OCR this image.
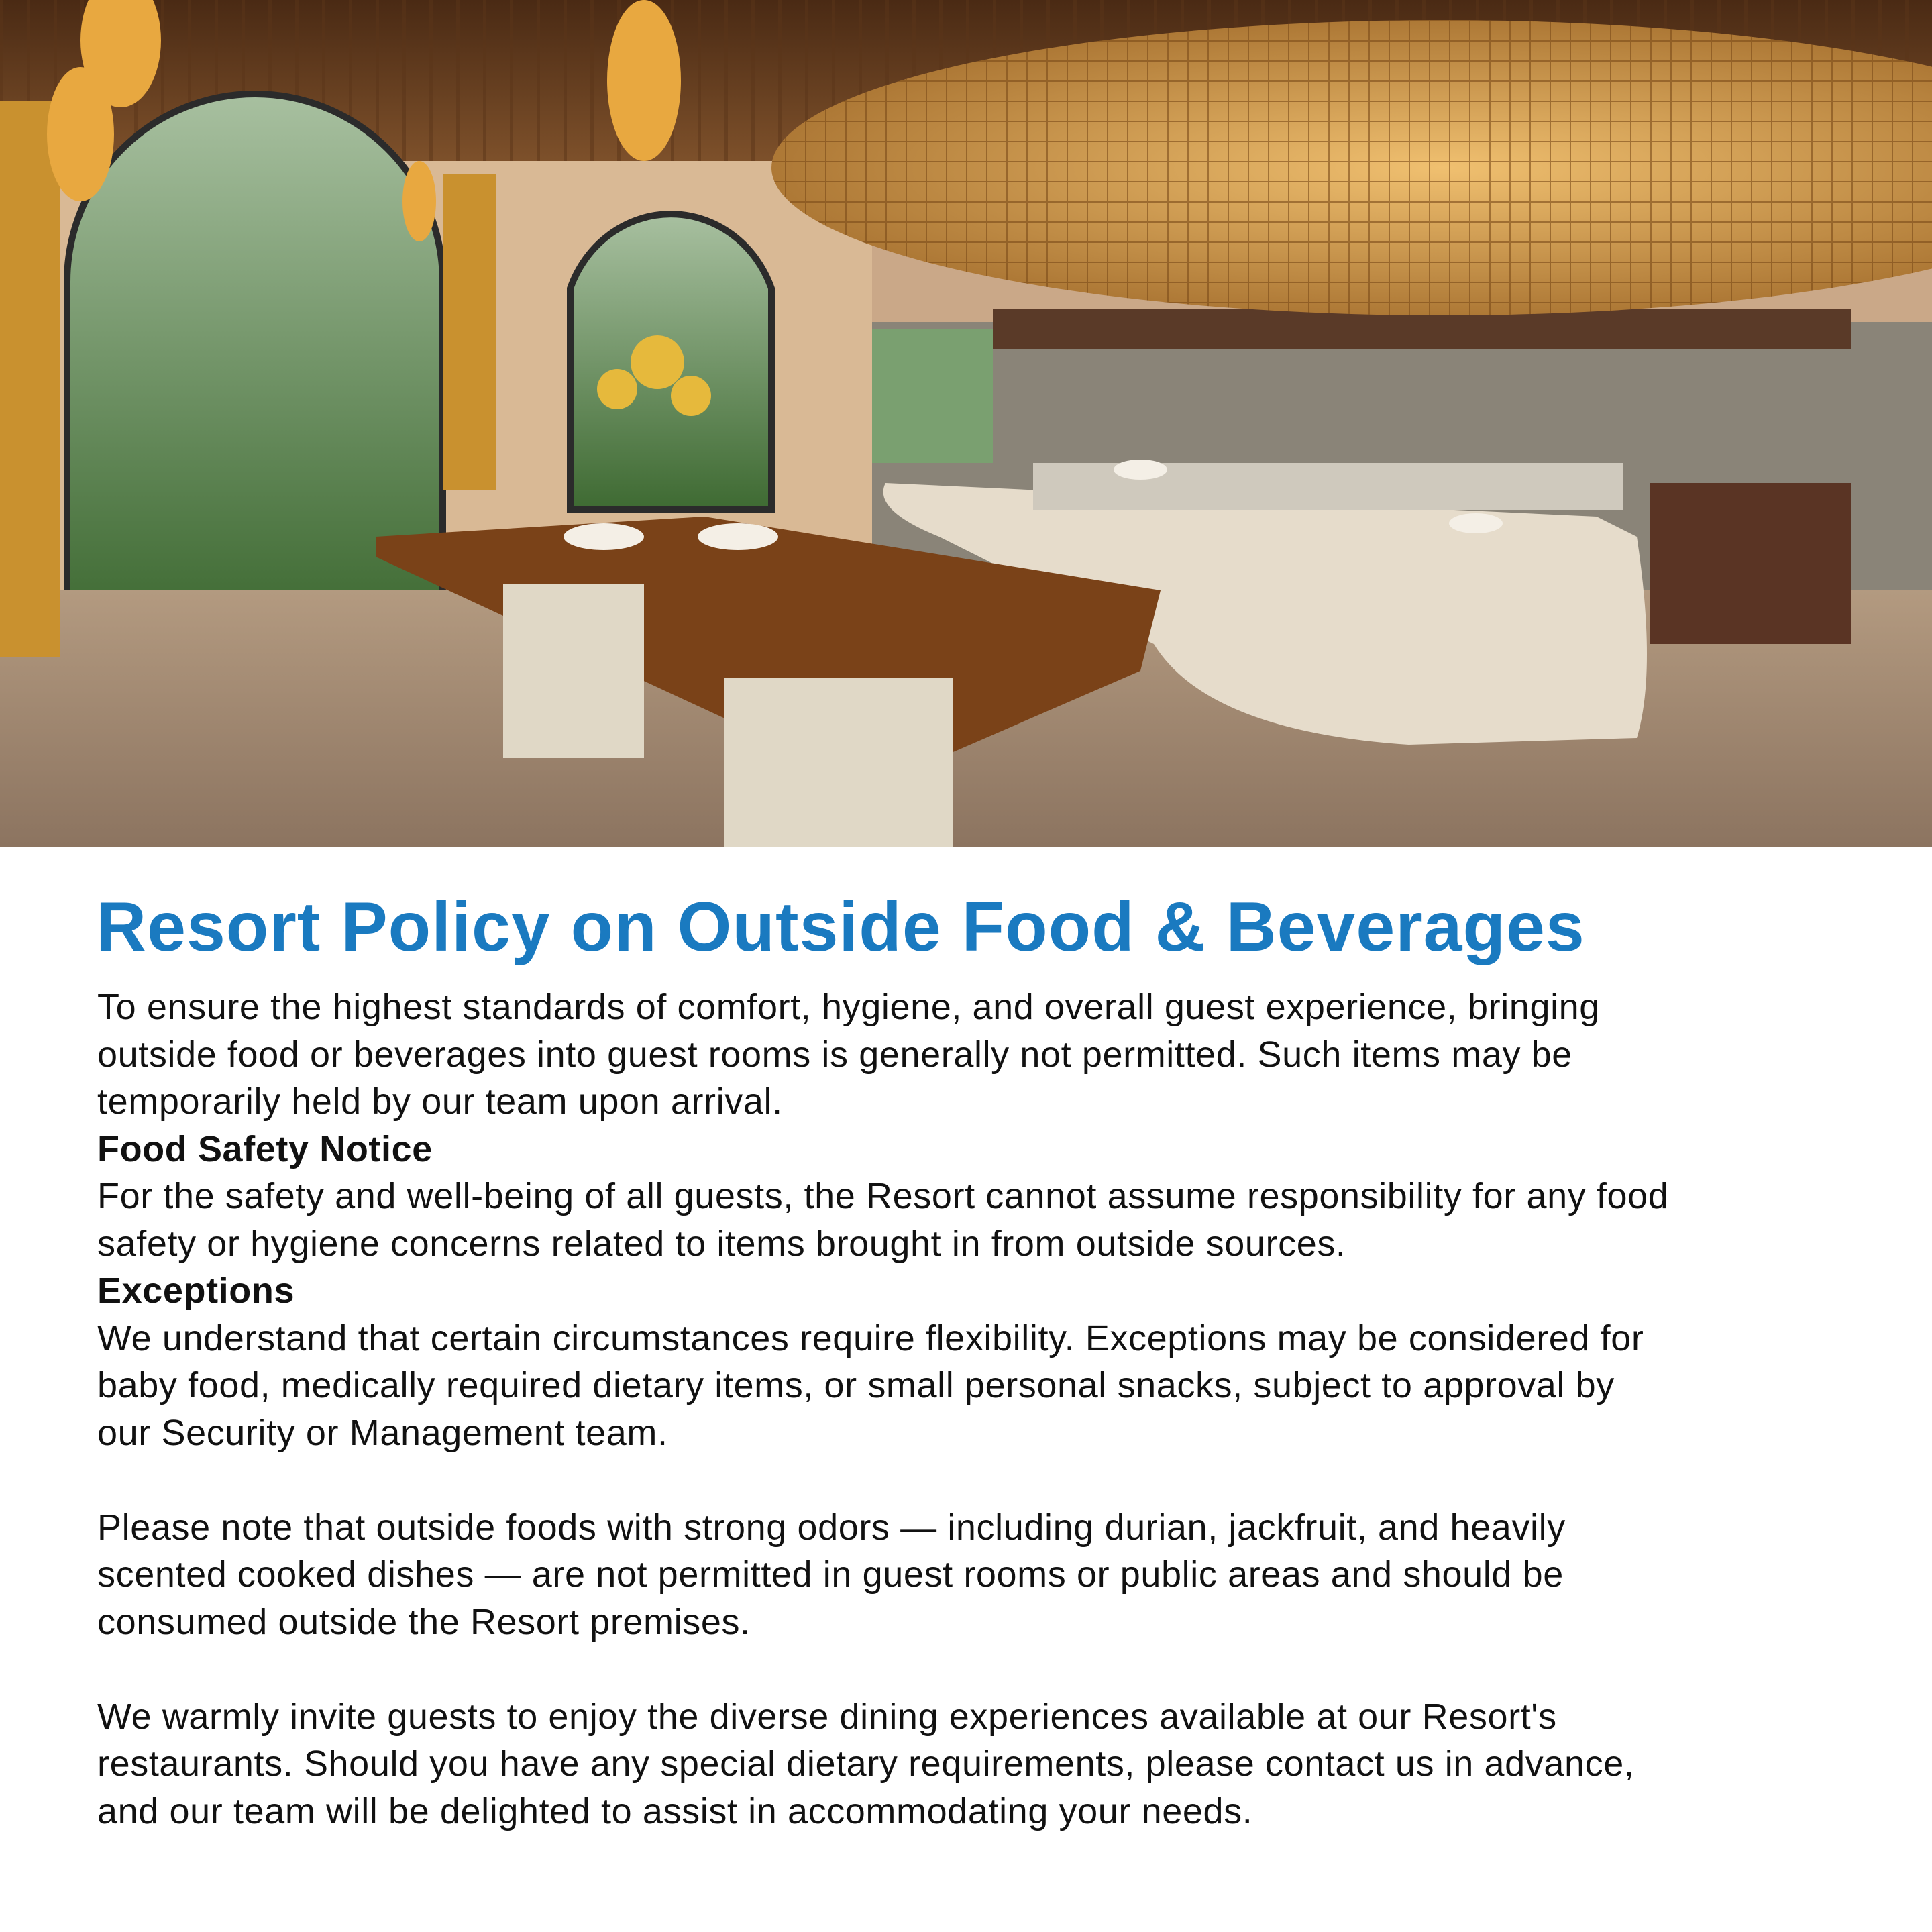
Resort Policy on Outside Food & Beverages
To ensure the highest standards of comfort, hygiene, and overall guest experience, bringing
outside food or beverages into guest rooms is generally not permitted. Such items may be
temporarily held by our team upon arrival.
Food Safety Notice
For the safety and well-being of all guests, the Resort cannot assume responsibility for any food
safety or hygiene concerns related to items brought in from outside sources.
Exceptions
We understand that certain circumstances require flexibility. Exceptions may be considered for
baby food, medically required dietary items, or small personal snacks, subject to approval by
our Security or Management team.
Please note that outside foods with strong odors — including durian, jackfruit, and heavily
scented cooked dishes — are not permitted in guest rooms or public areas and should be
consumed outside the Resort premises.
We warmly invite guests to enjoy the diverse dining experiences available at our Resort's
restaurants. Should you have any special dietary requirements, please contact us in advance,
and our team will be delighted to assist in accommodating your needs.
